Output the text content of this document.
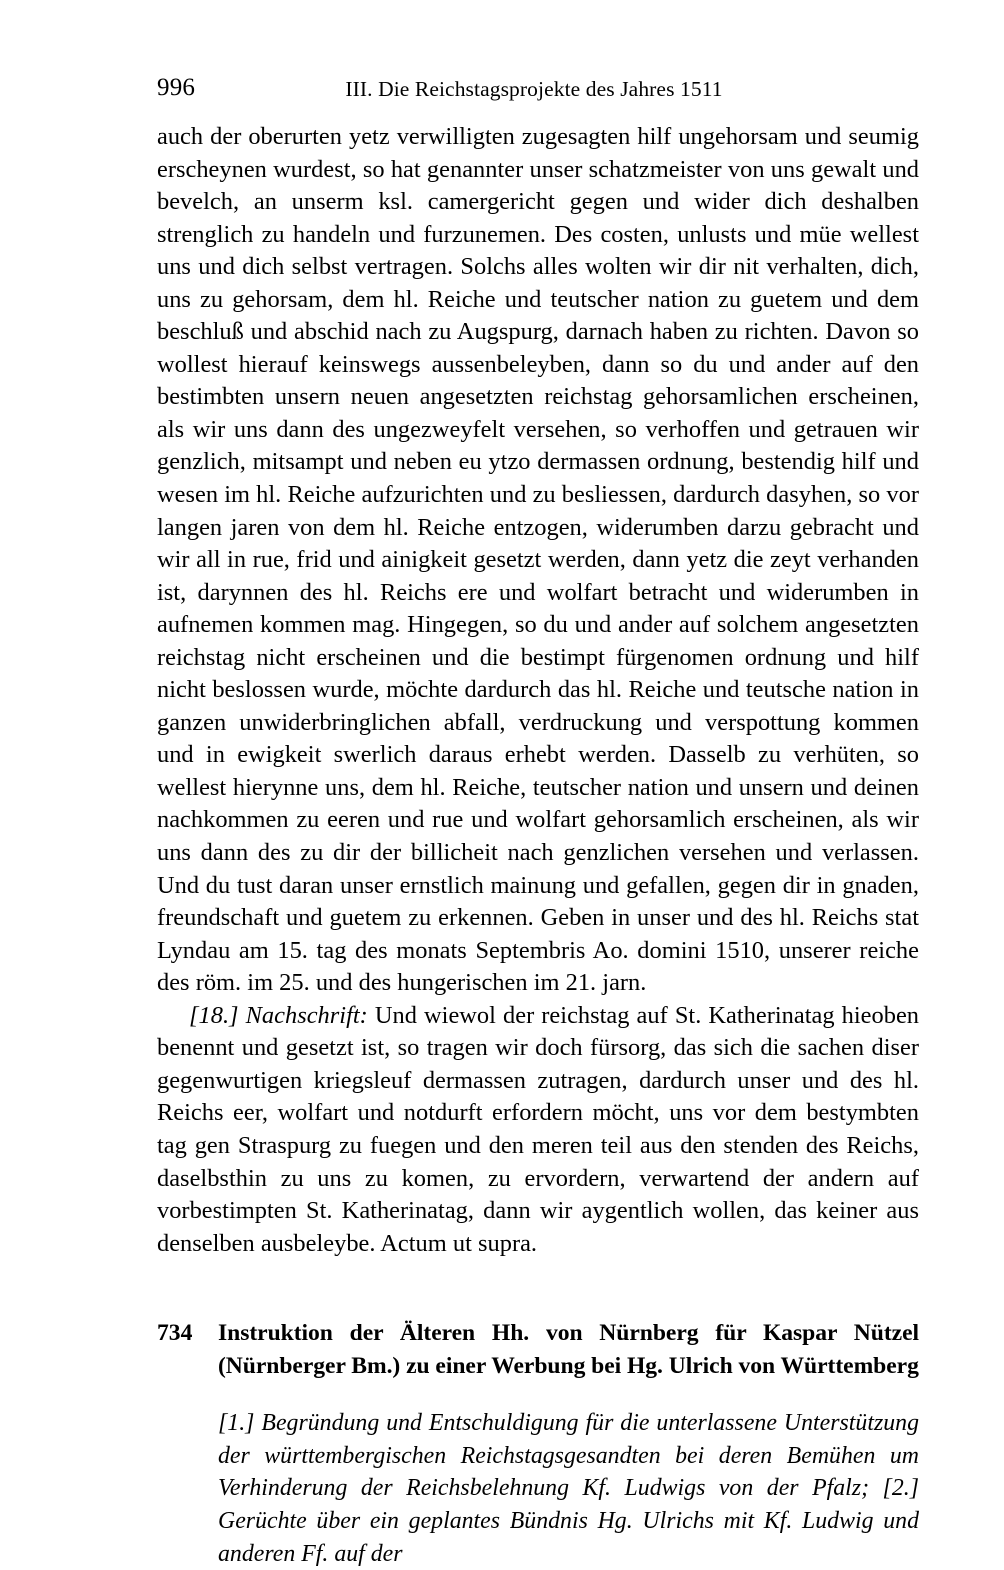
996	III. Die Reichstagsprojekte des Jahres 1511

auch der oberurten yetz verwilligten zugesagten hilf ungehorsam und seumig erscheynen wurdest, so hat genannter unser schatzmeister von uns gewalt und bevelch, an unserm ksl. camergericht gegen und wider dich deshalben strenglich zu handeln und furzunemen. Des costen, unlusts und müe wellest uns und dich selbst vertragen. Solchs alles wolten wir dir nit verhalten, dich, uns zu gehorsam, dem hl. Reiche und teutscher nation zu guetem und dem beschluß und abschid nach zu Augspurg, darnach haben zu richten. Davon so wollest hierauf keinswegs aussenbeleyben, dann so du und ander auf den bestimbten unsern neuen angesetzten reichstag gehorsamlichen erscheinen, als wir uns dann des ungezweyfelt versehen, so verhoffen und getrauen wir genzlich, mitsampt und neben eu ytzo dermassen ordnung, bestendig hilf und wesen im hl. Reiche aufzurichten und zu besliessen, dardurch dasyhen, so vor langen jaren von dem hl. Reiche entzogen, widerumben darzu gebracht und wir all in rue, frid und ainigkeit gesetzt werden, dann yetz die zeyt verhanden ist, darynnen des hl. Reichs ere und wolfart betracht und widerumben in aufnemen kommen mag. Hingegen, so du und ander auf solchem angesetzten reichstag nicht erscheinen und die bestimpt fürgenomen ordnung und hilf nicht beslossen wurde, möchte dardurch das hl. Reiche und teutsche nation in ganzen unwiderbringlichen abfall, verdruckung und verspottung kommen und in ewigkeit swerlich daraus erhebt werden. Dasselb zu verhüten, so wellest hierynne uns, dem hl. Reiche, teutscher nation und unsern und deinen nachkommen zu eeren und rue und wolfart gehorsamlich erscheinen, als wir uns dann des zu dir der billicheit nach genzlichen versehen und verlassen. Und du tust daran unser ernstlich mainung und gefallen, gegen dir in gnaden, freundschaft und guetem zu erkennen. Geben in unser und des hl. Reichs stat Lyndau am 15. tag des monats Septembris Ao. domini 1510, unserer reiche des röm. im 25. und des hungerischen im 21. jarn.

[18.] Nachschrift: Und wiewol der reichstag auf St. Katherinatag hieoben benennt und gesetzt ist, so tragen wir doch fürsorg, das sich die sachen diser gegenwurtigen kriegsleuf dermassen zutragen, dardurch unser und des hl. Reichs eer, wolfart und notdurft erfordern möcht, uns vor dem bestymbten tag gen Straspurg zu fuegen und den meren teil aus den stenden des Reichs, daselbsthin zu uns zu komen, zu ervordern, verwartend der andern auf vorbestimpten St. Katherinatag, dann wir aygentlich wollen, das keiner aus denselben ausbeleybe. Actum ut supra.

734 Instruktion der Älteren Hh. von Nürnberg für Kaspar Nützel (Nürnberger Bm.) zu einer Werbung bei Hg. Ulrich von Württemberg
[1.] Begründung und Entschuldigung für die unterlassene Unterstützung der württembergischen Reichstagsgesandten bei deren Bemühen um Verhinderung der Reichsbelehnung Kf. Ludwigs von der Pfalz; [2.] Gerüchte über ein geplantes Bündnis Hg. Ulrichs mit Kf. Ludwig und anderen Ff. auf der
